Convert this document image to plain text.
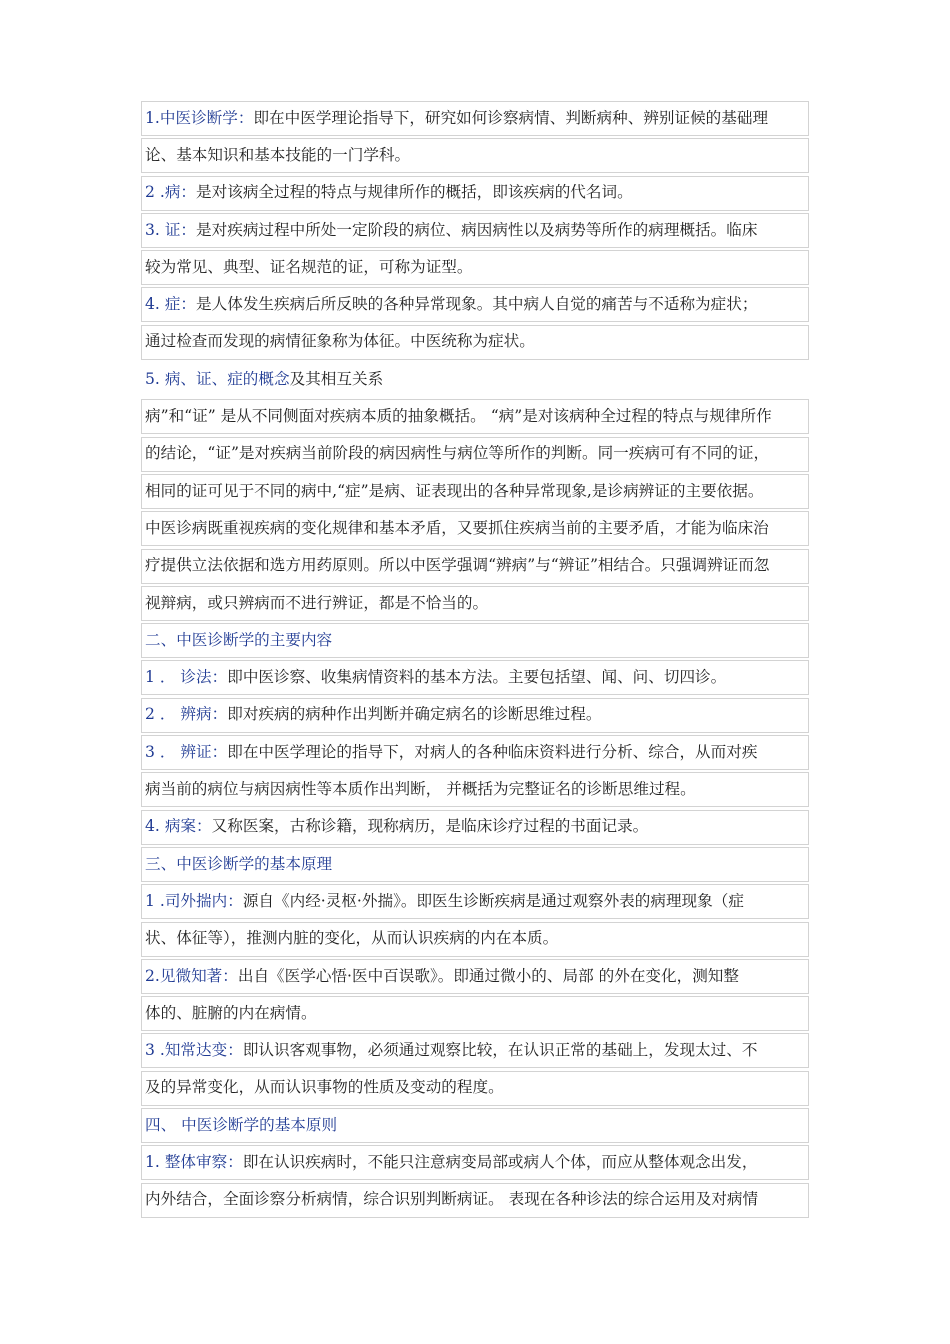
1.中医诊断学： 即在中医学理论指导下，研究如何诊察病情、判断病种、辨别证候的基础理
论、基本知识和基本技能的一门学科。
2 .病： 是对该病全过程的特点与规律所作的概括，即该疾病的代名词。
3. 证： 是对疾病过程中所处一定阶段的病位、病因病性以及病势等所作的病理概括。临床
较为常见、典型、证名规范的证，可称为证型。
4. 症： 是人体发生疾病后所反映的各种异常现象。其中病人自觉的痛苦与不适称为症状；
通过检查而发现的病情征象称为体征。中医统称为症状。
5. 病、证、症的概念 及其相互关系
病”和“证” 是从不同侧面对疾病本质的抽象概括。 “病”是对该病种全过程的特点与规律所作
的结论，“证”是对疾病当前阶段的病因病性与病位等所作的判断。同一疾病可有不同的证，
相同的证可见于不同的病中,“症”是病、证表现出的各种异常现象,是诊病辨证的主要依据。
中医诊病既重视疾病的变化规律和基本矛盾，又要抓住疾病当前的主要矛盾，才能为临床治
疗提供立法依据和选方用药原则。所以中医学强调“辨病”与“辨证”相结合。只强调辨证而忽
视辩病，或只辨病而不进行辨证，都是不恰当的。
二、中医诊断学的主要内容
1 ． 诊法： 即中医诊察、收集病情资料的基本方法。主要包括望、闻、问、切四诊。
2 ． 辨病： 即对疾病的病种作出判断并确定病名的诊断思维过程。
3 ． 辨证： 即在中医学理论的指导下，对病人的各种临床资料进行分析、综合，从而对疾
病当前的病位与病因病性等本质作出判断， 并概括为完整证名的诊断思维过程。
4. 病案： 又称医案，古称诊籍，现称病历，是临床诊疗过程的书面记录。
三、中医诊断学的基本原理
1 .司外揣内： 源自《内经·灵枢·外揣》。即医生诊断疾病是通过观察外表的病理现象（症
状、体征等），推测内脏的变化，从而认识疾病的内在本质。
2.见微知著： 出自《医学心悟·医中百误歌》。即通过微小的、局部 的外在变化，测知整
体的、脏腑的内在病情。
3 .知常达变： 即认识客观事物，必须通过观察比较，在认识正常的基础上，发现太过、不
及的异常变化，从而认识事物的性质及变动的程度。
四、 中医诊断学的基本原则
1. 整体审察： 即在认识疾病时，不能只注意病变局部或病人个体，而应从整体观念出发，
内外结合，全面诊察分析病情，综合识别判断病证。 表现在各种诊法的综合运用及对病情
